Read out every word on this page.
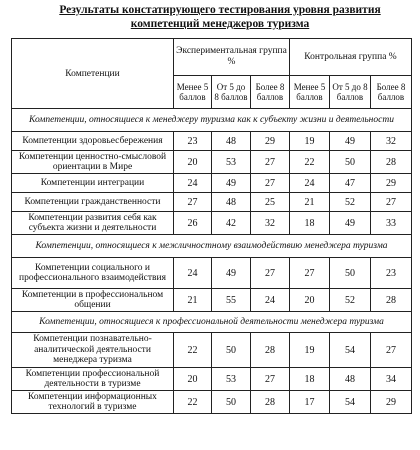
Результаты констатирующего тестирования уровня развития
компетенций менеджеров туризма
Компетенции	Экспериментальная группа %			Контрольная группа %		
	Менее 5 баллов	От 5 до 8 баллов	Более 8 баллов	Менее 5 баллов	От 5 до 8 баллов	Более 8 баллов
Компетенции, относящиеся к менеджеру туризма как к субъекту жизни и деятельности						
Компетенции здоровьесбережения	23	48	29	19	49	32
Компетенции ценностно-смысловой ориентации в Мире	20	53	27	22	50	28
Компетенции интеграции	24	49	27	24	47	29
Компетенции гражданственности	27	48	25	21	52	27
Компетенции развития себя как субъекта жизни и деятельности	26	42	32	18	49	33
Компетенции, относящиеся к межличностному взаимодействию менеджера туризма						
Компетенции социального и профессионального взаимодействия	24	49	27	27	50	23
Компетенции в профессиональном общении	21	55	24	20	52	28
Компетенции, относящиеся к профессиональной деятельности менеджера туризма						
Компетенции познавательно-аналитической деятельности менеджера туризма	22	50	28	19	54	27
Компетенции профессиональной деятельности в туризме	20	53	27	18	48	34
Компетенции информационных технологий в туризме	22	50	28	17	54	29
